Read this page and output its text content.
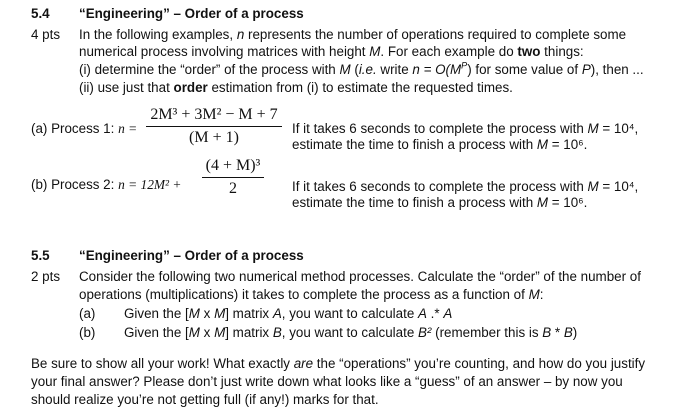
5.4 “Engineering” – Order of a process
4 pts In the following examples, n represents the number of operations required to complete some
numerical process involving matrices with height M. For each example do two things:
(i) determine the “order” of the process with M (i.e. write $n = O(M^P)$ for some value of P), then ...
(ii) use just that order estimation from (i) to estimate the requested times.
(a) Process 1: n =
2M³ + 3M² − M + 7
(M + 1)
If it takes 6 seconds to complete the process with M = 10⁴,
estimate the time to finish a process with M = 10⁶.
(b) Process 2: n = 12M² +
(4 + M)³
2	If it takes 6 seconds to complete the process with M = 10⁴,
estimate the time to finish a process with M = 10⁶.
5.5 “Engineering” – Order of a process
2 pts Consider the following two numerical method processes. Calculate the “order” of the number of
operations (multiplications) it takes to complete the process as a function of M:
(a) Given the [M x M] matrix A, you want to calculate A .* A
(b) Given the [M x M] matrix B, you want to calculate B² (remember this is B * B)
Be sure to show all your work! What exactly are the “operations” you’re counting, and how do you justify
your final answer? Please don’t just write down what looks like a “guess” of an answer – by now you
should realize you’re not getting full (if any!) marks for that.
